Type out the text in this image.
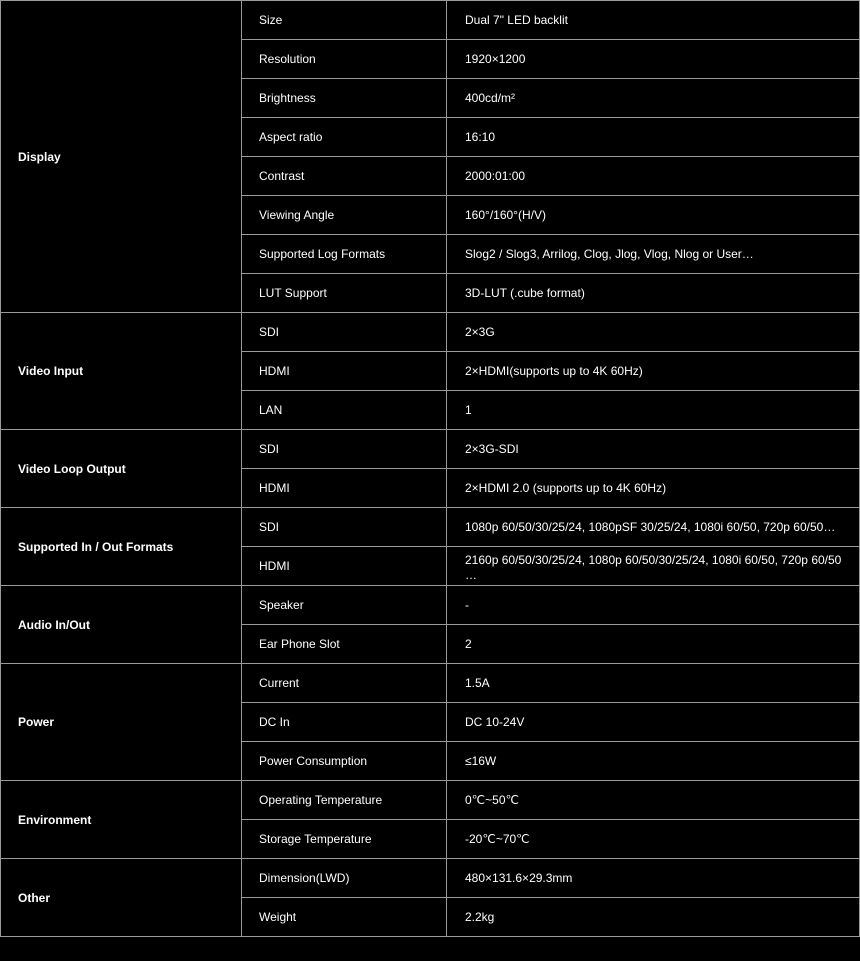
Display	Size	Dual 7" LED backlit
	Resolution	1920×1200
	Brightness	400cd/m²
	Aspect ratio	16:10
	Contrast	2000:01:00
	Viewing Angle	160°/160°(H/V)
	Supported Log Formats	Slog2 / Slog3, Arrilog, Clog, Jlog, Vlog, Nlog or User…
	LUT Support	3D-LUT (.cube format)
Video Input	SDI	2×3G
	HDMI	2×HDMI(supports up to 4K 60Hz)
	LAN	1
Video Loop Output	SDI	2×3G-SDI
	HDMI	2×HDMI 2.0 (supports up to 4K 60Hz)
Supported In / Out Formats	SDI	1080p 60/50/30/25/24, 1080pSF 30/25/24, 1080i 60/50, 720p 60/50…
	HDMI	2160p 60/50/30/25/24, 1080p 60/50/30/25/24, 1080i 60/50, 720p 60/50
…

Audio In/Out	Speaker	-
	Ear Phone Slot	2
Power	Current	1.5A
	DC In	DC 10-24V
	Power Consumption	≤16W
Environment	Operating Temperature	0℃~50℃
	Storage Temperature	-20℃~70℃
Other	Dimension(LWD)	480×131.6×29.3mm
	Weight	2.2kg
